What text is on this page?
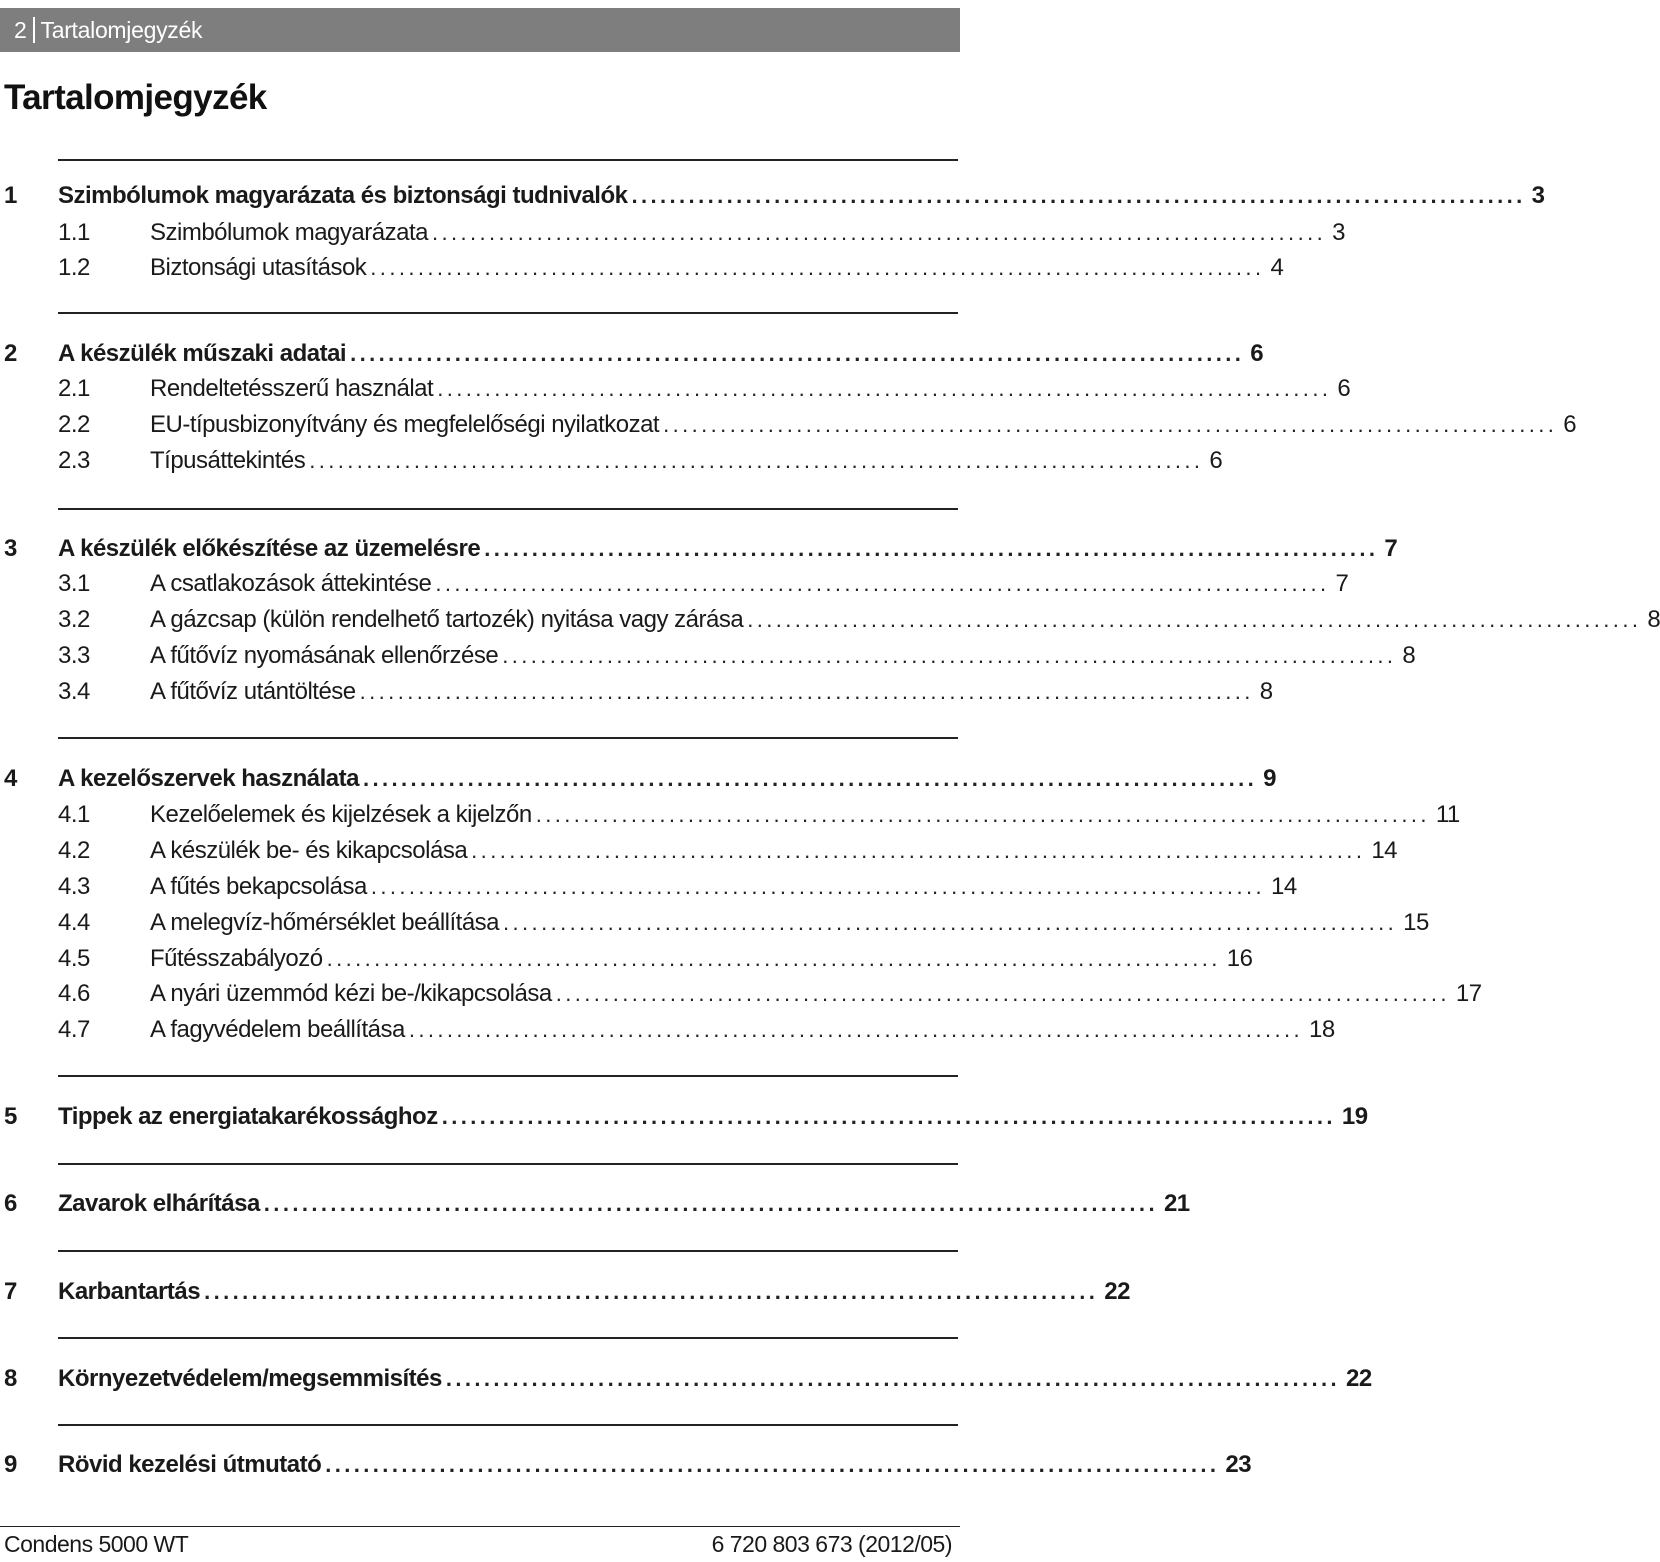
2 Tartalomjegyzék
Tartalomjegyzék
1 Szimbólumok magyarázata és biztonsági tudnivalók .............................................................................................. 3
1.1	Szimbólumok magyarázata .............................................................................................. 3
1.2	Biztonsági utasítások .............................................................................................. 4
2 A készülék műszaki adatai .............................................................................................. 6
2.1	Rendeltetésszerű használat .............................................................................................. 6
2.2	EU-típusbizonyítvány és megfelelőségi nyilatkozat .............................................................................................. 6
2.3	Típusáttekintés .............................................................................................. 6
3 A készülék előkészítése az üzemelésre .............................................................................................. 7
3.1	A csatlakozások áttekintése .............................................................................................. 7
3.2	A gázcsap (külön rendelhető tartozék) nyitása vagy zárása .............................................................................................. 8
3.3	A fűtővíz nyomásának ellenőrzése .............................................................................................. 8
3.4	A fűtővíz utántöltése .............................................................................................. 8
4 A kezelőszervek használata .............................................................................................. 9
4.1	Kezelőelemek és kijelzések a kijelzőn .............................................................................................. 11
4.2	A készülék be- és kikapcsolása .............................................................................................. 14
4.3	A fűtés bekapcsolása .............................................................................................. 14
4.4	A melegvíz-hőmérséklet beállítása .............................................................................................. 15
4.5	Fűtésszabályozó .............................................................................................. 16
4.6	A nyári üzemmód kézi be-/kikapcsolása .............................................................................................. 17
4.7	A fagyvédelem beállítása .............................................................................................. 18
5 Tippek az energiatakarékossághoz .............................................................................................. 19
6 Zavarok elhárítása .............................................................................................. 21
7 Karbantartás .............................................................................................. 22
8 Környezetvédelem/megsemmisítés .............................................................................................. 22
9 Rövid kezelési útmutató .............................................................................................. 23
Condens 5000 WT	6 720 803 673 (2012/05)
